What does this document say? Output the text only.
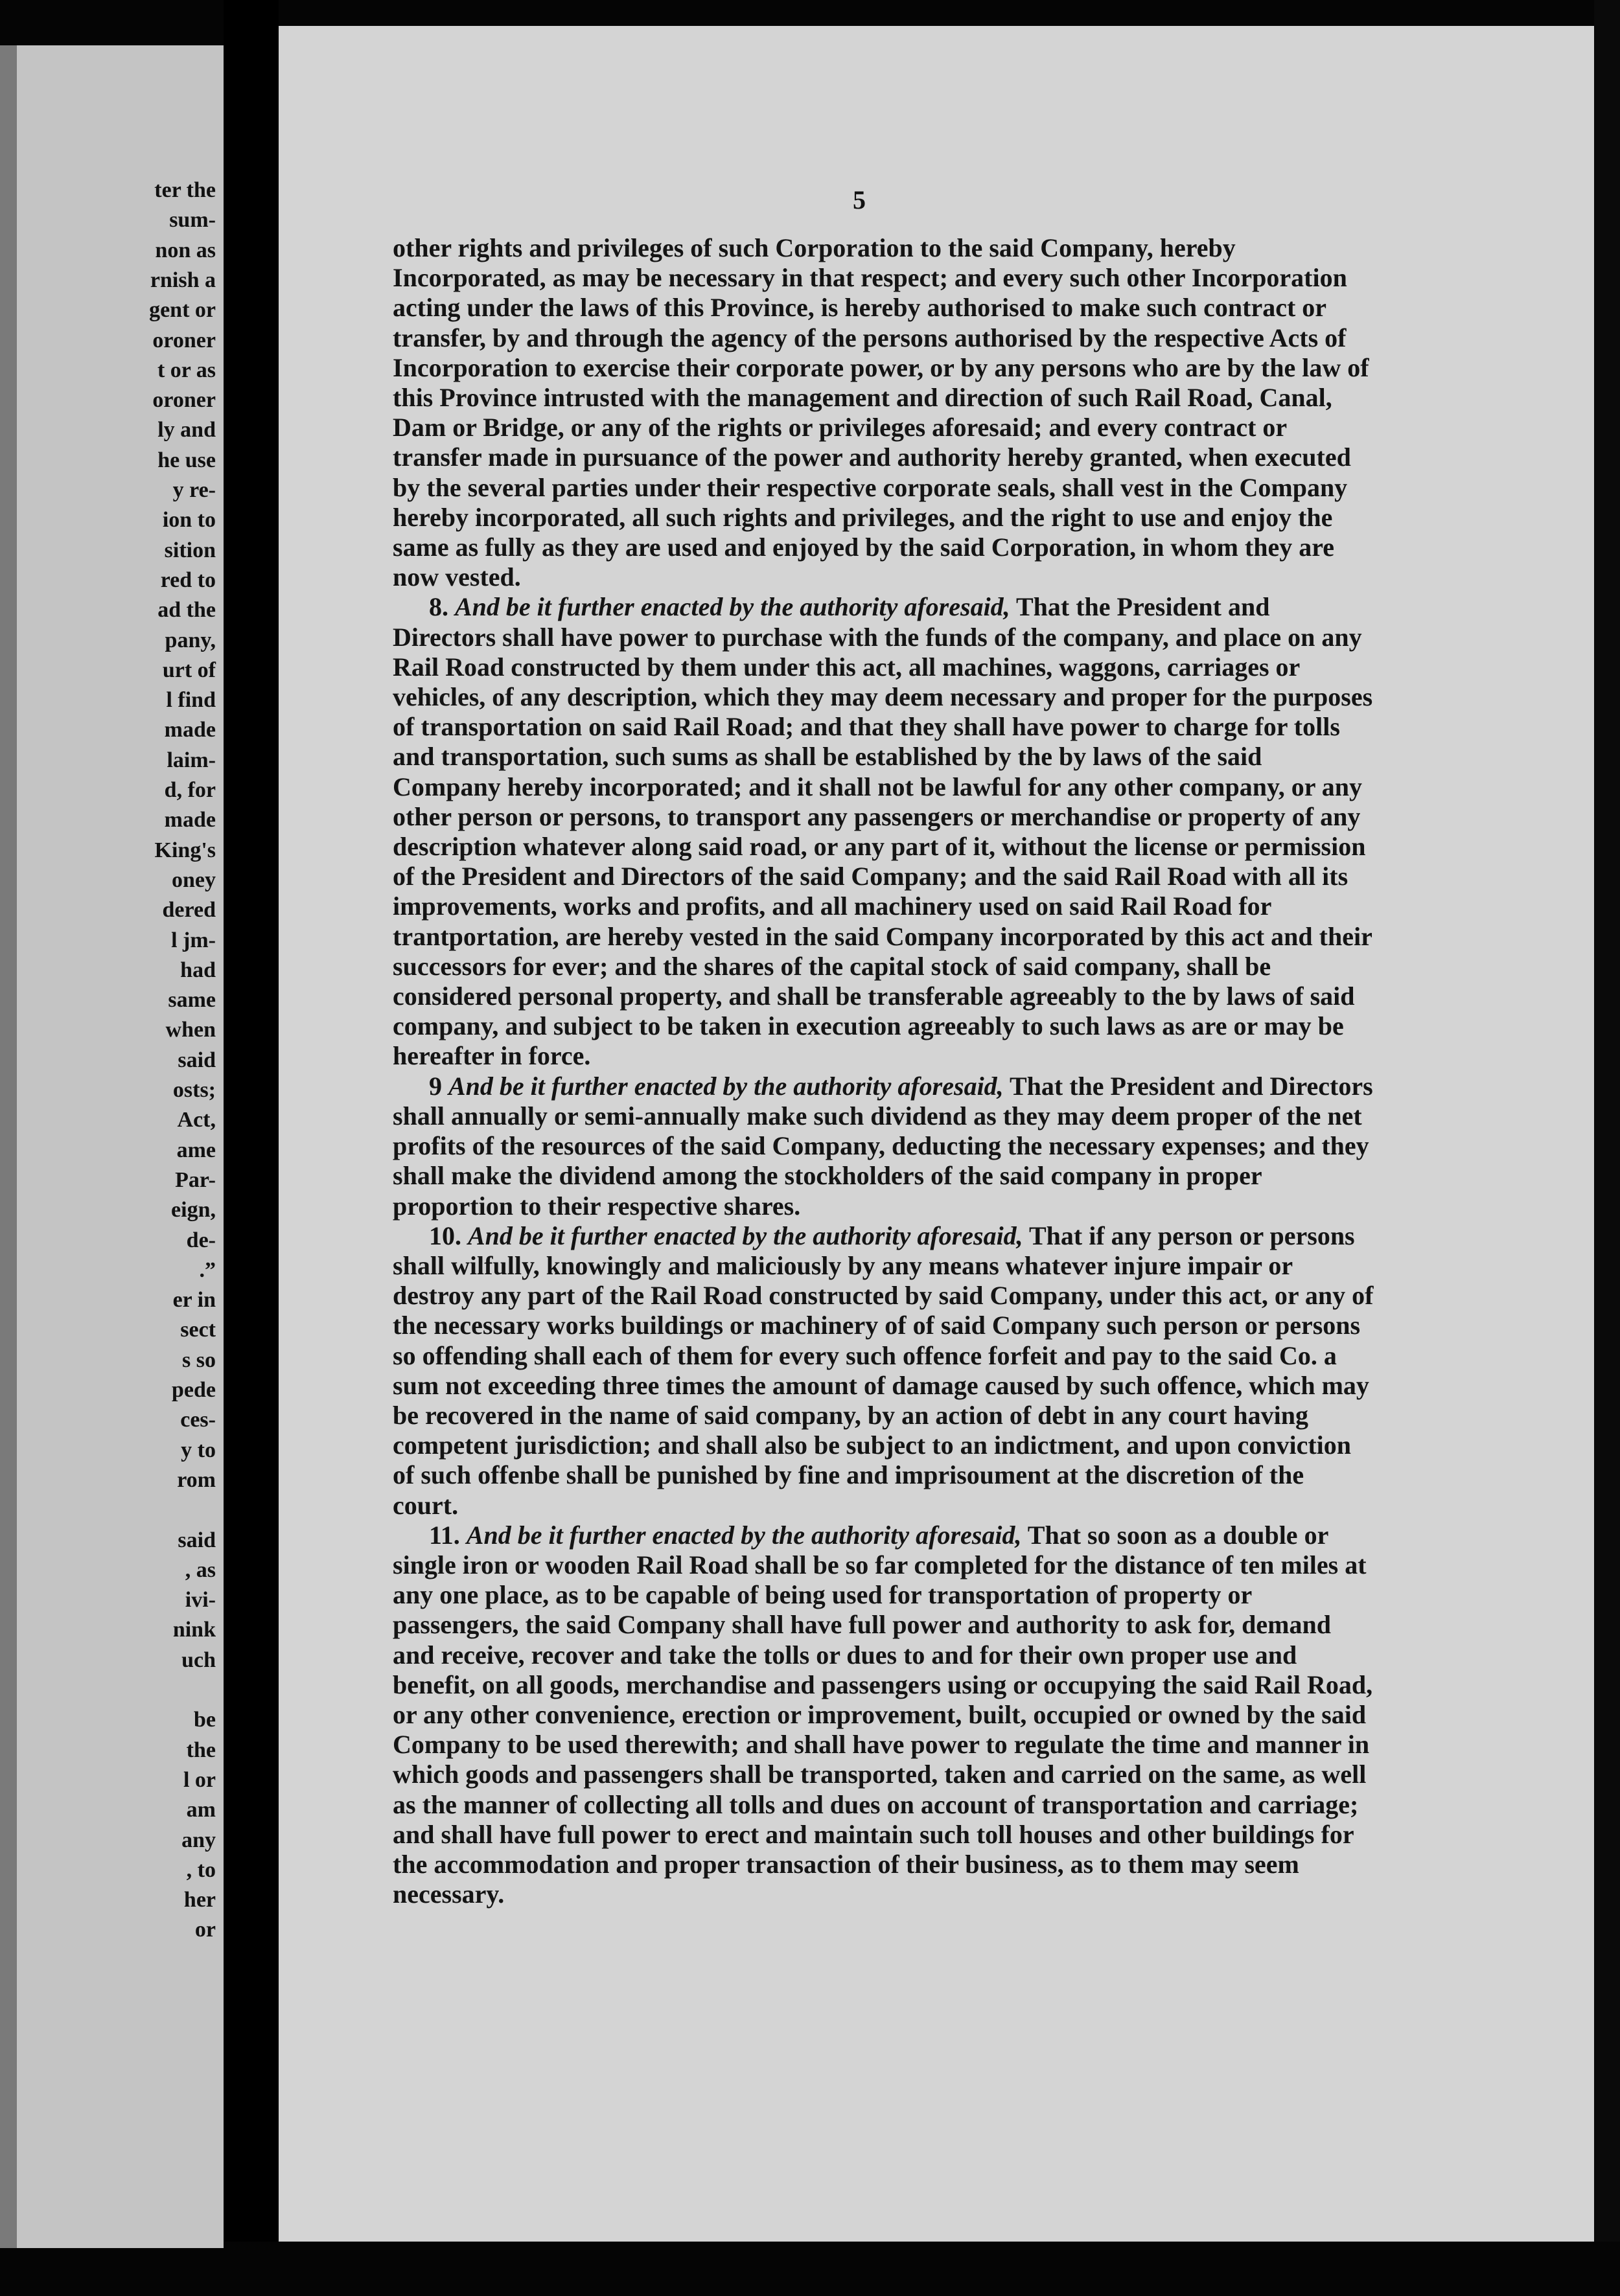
ter the
sum-
non as
rnish a
gent or
oroner
t or as
oroner
ly and
he use
y re-
ion to
sition
red to
ad the
pany,
urt of
l find
made
laim-
d, for
made
King's
oney
dered
l jm-
had
same
when
said
osts;
Act,
ame
Par-
eign,
de-
.”
er in
sect
s so
pede
ces-
y to
rom
said
, as
ivi-
nink
uch
be
the
l or
am
any
, to
her
or
5

other rights and privileges of such Corporation to the said Company, hereby Incorporated, as may be necessary in that respect; and every such other Incorporation acting under the laws of this Province, is hereby authorised to make such contract or transfer, by and through the agency of the persons authorised by the respective Acts of Incorporation to exercise their corporate power, or by any persons who are by the law of this Province intrusted with the management and direction of such Rail Road, Canal, Dam or Bridge, or any of the rights or privileges aforesaid; and every contract or transfer made in pursuance of the power and authority hereby granted, when executed by the several parties under their respective corporate seals, shall vest in the Company hereby incorporated, all such rights and privileges, and the right to use and enjoy the same as fully as they are used and enjoyed by the said Corporation, in whom they are now vested.

8. And be it further enacted by the authority aforesaid, That the President and Directors shall have power to purchase with the funds of the company, and place on any Rail Road constructed by them under this act, all machines, waggons, carriages or vehicles, of any description, which they may deem necessary and proper for the purposes of transportation on said Rail Road; and that they shall have power to charge for tolls and transportation, such sums as shall be established by the by laws of the said Company hereby incorporated; and it shall not be lawful for any other company, or any other person or persons, to transport any passengers or merchandise or property of any description whatever along said road, or any part of it, without the license or permission of the President and Directors of the said Company; and the said Rail Road with all its improvements, works and profits, and all machinery used on said Rail Road for trantportation, are hereby vested in the said Company incorporated by this act and their successors for ever; and the shares of the capital stock of said company, shall be considered personal property, and shall be transferable agreeably to the by laws of said company, and subject to be taken in execution agreeably to such laws as are or may be hereafter in force.

9 And be it further enacted by the authority aforesaid, That the President and Directors shall annually or semi-annually make such dividend as they may deem proper of the net profits of the resources of the said Company, deducting the necessary expenses; and they shall make the dividend among the stockholders of the said company in proper proportion to their respective shares.

10. And be it further enacted by the authority aforesaid, That if any person or persons shall wilfully, knowingly and maliciously by any means whatever injure impair or destroy any part of the Rail Road constructed by said Company, under this act, or any of the necessary works buildings or machinery of of said Company such person or persons so offending shall each of them for every such offence forfeit and pay to the said Co. a sum not exceeding three times the amount of damage caused by such offence, which may be recovered in the name of said company, by an action of debt in any court having competent jurisdiction; and shall also be subject to an indictment, and upon conviction of such offenbe shall be punished by fine and imprisoument at the discretion of the court.

11. And be it further enacted by the authority aforesaid, That so soon as a double or single iron or wooden Rail Road shall be so far completed for the distance of ten miles at any one place, as to be capable of being used for transportation of property or passengers, the said Company shall have full power and authority to ask for, demand and receive, recover and take the tolls or dues to and for their own proper use and benefit, on all goods, merchandise and passengers using or occupying the said Rail Road, or any other convenience, erection or improvement, built, occupied or owned by the said Company to be used therewith; and shall have power to regulate the time and manner in which goods and passengers shall be transported, taken and carried on the same, as well as the manner of collecting all tolls and dues on account of transportation and carriage; and shall have full power to erect and maintain such toll houses and other buildings for the accommodation and proper transaction of their business, as to them may seem necessary.
